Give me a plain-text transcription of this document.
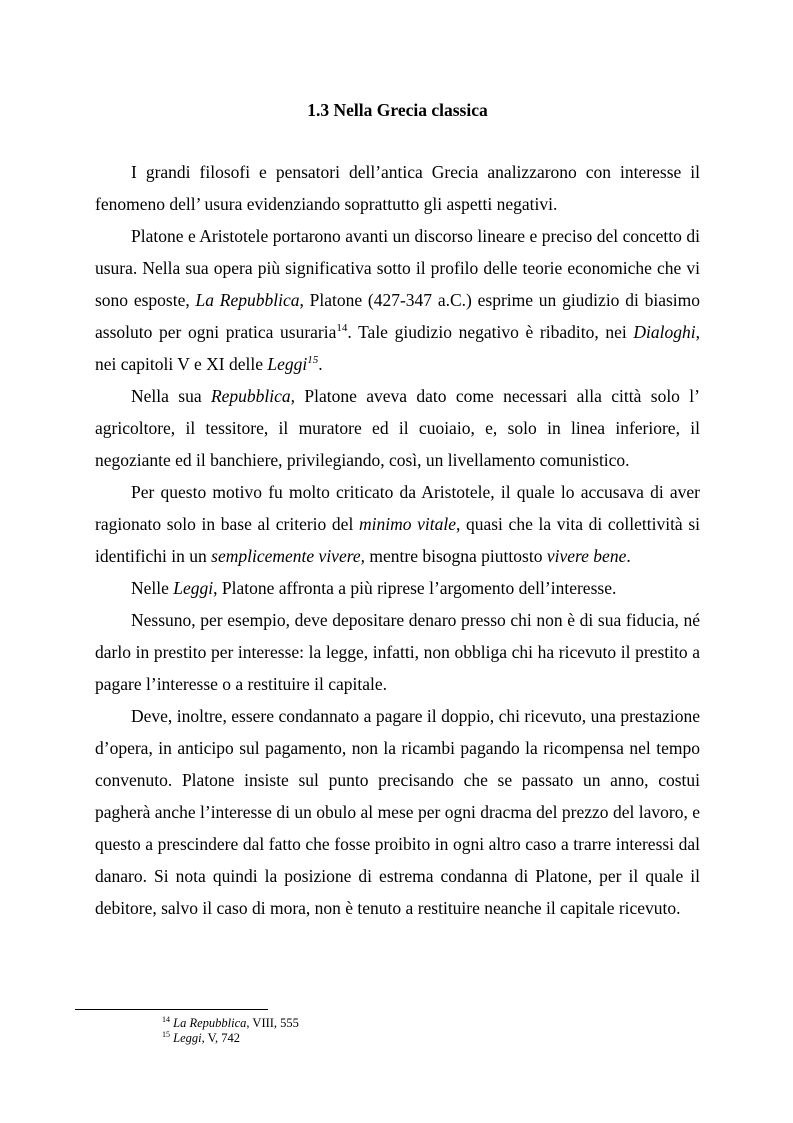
1.3 Nella Grecia classica

I grandi filosofi e pensatori dell’antica Grecia analizzarono con interesse il fenomeno dell’ usura evidenziando soprattutto gli aspetti negativi.

Platone e Aristotele portarono avanti un discorso lineare e preciso del concetto di usura. Nella sua opera più significativa sotto il profilo delle teorie economiche che vi sono esposte, La Repubblica, Platone (427-347 a.C.) esprime un giudizio di biasimo assoluto per ogni pratica usuraria$^{14}$. Tale giudizio negativo è ribadito, nei Dialoghi, nei capitoli V e XI delle Leggi$^{15}$.

Nella sua Repubblica, Platone aveva dato come necessari alla città solo l’ agricoltore, il tessitore, il muratore ed il cuoiaio, e, solo in linea inferiore, il negoziante ed il banchiere, privilegiando, così, un livellamento comunistico.

Per questo motivo fu molto criticato da Aristotele, il quale lo accusava di aver ragionato solo in base al criterio del minimo vitale, quasi che la vita di collettività si identifichi in un semplicemente vivere, mentre bisogna piuttosto vivere bene.

Nelle Leggi, Platone affronta a più riprese l’argomento dell’interesse.

Nessuno, per esempio, deve depositare denaro presso chi non è di sua fiducia, né darlo in prestito per interesse: la legge, infatti, non obbliga chi ha ricevuto il prestito a pagare l’interesse o a restituire il capitale.

Deve, inoltre, essere condannato a pagare il doppio, chi ricevuto, una prestazione d’opera, in anticipo sul pagamento, non la ricambi pagando la ricompensa nel tempo convenuto. Platone insiste sul punto precisando che se passato un anno, costui pagherà anche l’interesse di un obulo al mese per ogni dracma del prezzo del lavoro, e questo a prescindere dal fatto che fosse proibito in ogni altro caso a trarre interessi dal danaro. Si nota quindi la posizione di estrema condanna di Platone, per il quale il debitore, salvo il caso di mora, non è tenuto a restituire neanche il capitale ricevuto.

$^{14}$ La Repubblica, VIII, 555
$^{15}$ Leggi, V, 742
